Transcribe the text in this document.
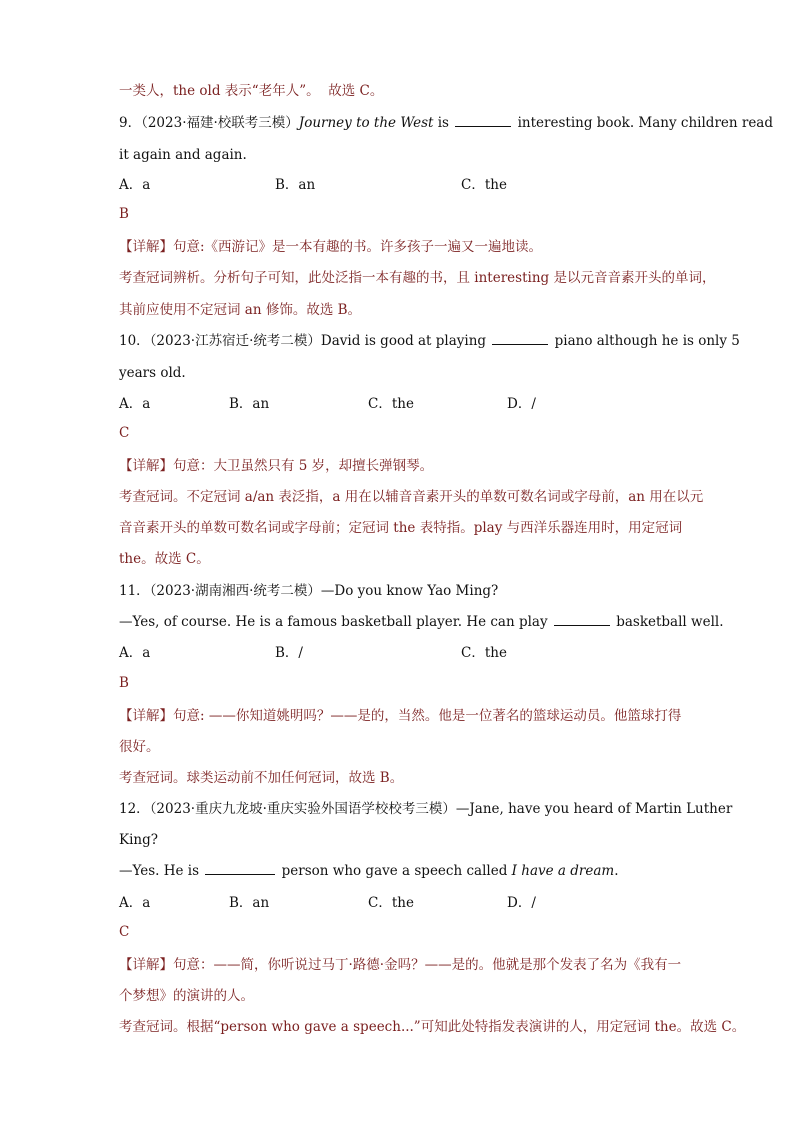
一类人，the old 表示“老年人”。 故选 C。
9．（2023·福建·校联考三模）Journey to the West is	interesting book. Many children read
it again and again.
A．a	B．an	C．the
B
【详解】句意:《西游记》是一本有趣的书。许多孩子一遍又一遍地读。
考查冠词辨析。分析句子可知，此处泛指一本有趣的书，且 interesting 是以元音音素开头的单词，
其前应使用不定冠词 an 修饰。故选 B。
10．（2023·江苏宿迁·统考二模）David is good at playing	piano although he is only 5
years old.
A．a	B．an	C．the	D．/
C
【详解】句意：大卫虽然只有 5 岁，却擅长弹钢琴。
考查冠词。不定冠词 a/an 表泛指，a 用在以辅音音素开头的单数可数名词或字母前，an 用在以元
音音素开头的单数可数名词或字母前；定冠词 the 表特指。play 与西洋乐器连用时，用定冠词
the。故选 C。
11．（2023·湖南湘西·统考二模）—Do you know Yao Ming?
—Yes, of course. He is a famous basketball player. He can play	basketball well.
A．a	B．/	C．the
B
【详解】句意: ——你知道姚明吗？——是的，当然。他是一位著名的篮球运动员。他篮球打得
很好。
考查冠词。球类运动前不加任何冠词，故选 B。
12．（2023·重庆九龙坡·重庆实验外国语学校校考三模）—Jane, have you heard of Martin Luther
King?
—Yes. He is	person who gave a speech called I have a dream.
A．a	B．an	C．the	D．/
C
【详解】句意：——简，你听说过马丁·路德·金吗？——是的。他就是那个发表了名为《我有一
个梦想》的演讲的人。
考查冠词。根据“person who gave a speech...”可知此处特指发表演讲的人，用定冠词 the。故选 C。
